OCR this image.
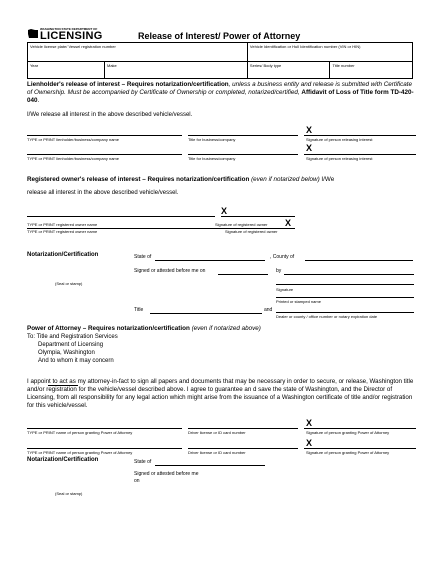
WASHINGTON STATE DEPARTMENT OF
LICENSING	Release of Interest/ Power of Attorney
Vehicle license plate/ Vessel registration number		Vehicle Identification or Hull Identification number (VIN or HIN)
Year	Make	Series/ Body type Title number
Lienholder's release of interest – Requires notarization/certification, unless a business entity and release is submitted with Certificate of Ownership. Must be accompanied by Certificate of Ownership or completed, notarized/certified, Affidavit of Loss of Title form TD-420-040.
I/We release all interest in the above described vehicle/vessel.
X
TYPE or PRINT lienholder/business/company name	Title for business/company	Signature of person releasing interest
X
TYPE or PRINT lienholder/business/company name	Title for business/company	Signature of person releasing interest
Registered owner's release of interest – Requires notarization/certification (even if notarized below) I/We
release all interest in the above described vehicle/vessel.
X
TYPE or PRINT registered owner name	Signature of registered owner X
TYPE or PRINT registered owner name	Signature of registered owner
Notarization/Certification	State of	, County of
Signed or attested before me on	by
(Seal or stamp)
Signature
Printed or stamped name
Title	and
Dealer or county / office number or notary expiration date
Power of Attorney – Requires notarization/certification (even if notarized above)
To: Title and Registration Services
Department of Licensing
Olympia, Washington
And to whom it may concern
I appoint to act as my attorney-in-fact to sign all papers and documents that may be necessary in order to secure, or release, Washington title and/or registration for the vehicle/vessel described above. I agree to guarantee an d save the state of Washington, and the Director of Licensing, from all responsibility for any legal action which might arise from the issuance of a Washington certificate of title and/or registration for this vehicle/vessel.
X
TYPE or PRINT name of person granting Power of Attorney	Driver license or ID card number	Signature of person granting Power of Attorney
X
TYPE or PRINT name of person granting Power of Attorney	Driver license or ID card number	Signature of person granting Power of Attorney
Notarization/Certification	State of
Signed or attested before me
on
(Seal or stamp)
